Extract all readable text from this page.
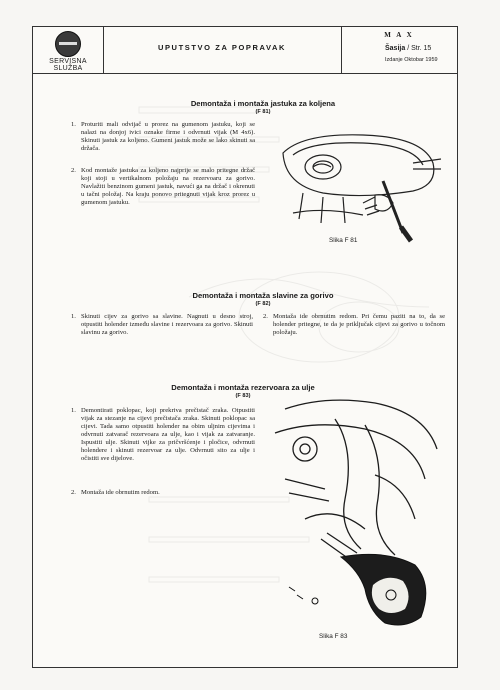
SERVISNA SLUŽBA
UPUTSTVO ZA POPRAVAK
M A X
Šasija / Str. 15
Izdanje Oktobar 1959
Demontaža i montaža jastuka za koljena
(F 81)
1. Proturiti mali odvijač u prorez na gumenom jastuku, koji se nalazi na donjoj ivici oznake firme i odvrnuti vijak (M 4x6). Skinuti jastuk za koljeno. Gumeni jastuk može se lako skinuti sa držača.
2. Kod montaže jastuka za koljeno najprije se malo pritegne držač koji stoji u vertikalnom položaju na rezervoaru za gorivo. Navlažiti benzinom gumeni jastuk, navući ga na držač i okrenuti u tačni položaj. Na kraju ponovo pritegnuti vijak kroz prorez u gumenom jastuku.
Slika F 81
Demontaža i montaža slavine za gorivo
(F 82)
1. Skinuti cijev za gorivo sa slavine. Nagnuti u desno stroj, otpustiti holender između slavine i rezervoara za gorivo. Skinuti slavinu za gorivo.
2. Montaža ide obrnutim redom. Pri čemu paziti na to, da se holender pritegne, te da je priključak cijevi za gorivo u točnom položaju.
Demontaža i montaža rezervoara za ulje
(F 83)
1. Demontirati poklopac, koji prekriva prečistač zraka. Otpustiti vijak za stezanje na cijevi prečistača zraka. Skinuti poklopac sa cijevi. Tada samo otpustiti holender na obim uljnim cijevima i odvrnuti zatvarač rezervoara za ulje, kao i vijak za zatvaranje. Ispustiti ulje. Skinuti vijke za pričvršćenje i pločice, odvrnuti holendere i skinuti rezervoar za ulje. Odvrnuti sito za ulje i očistiti sve dijelove.
2. Montaža ide obrnutim redom.
Slika F 83
